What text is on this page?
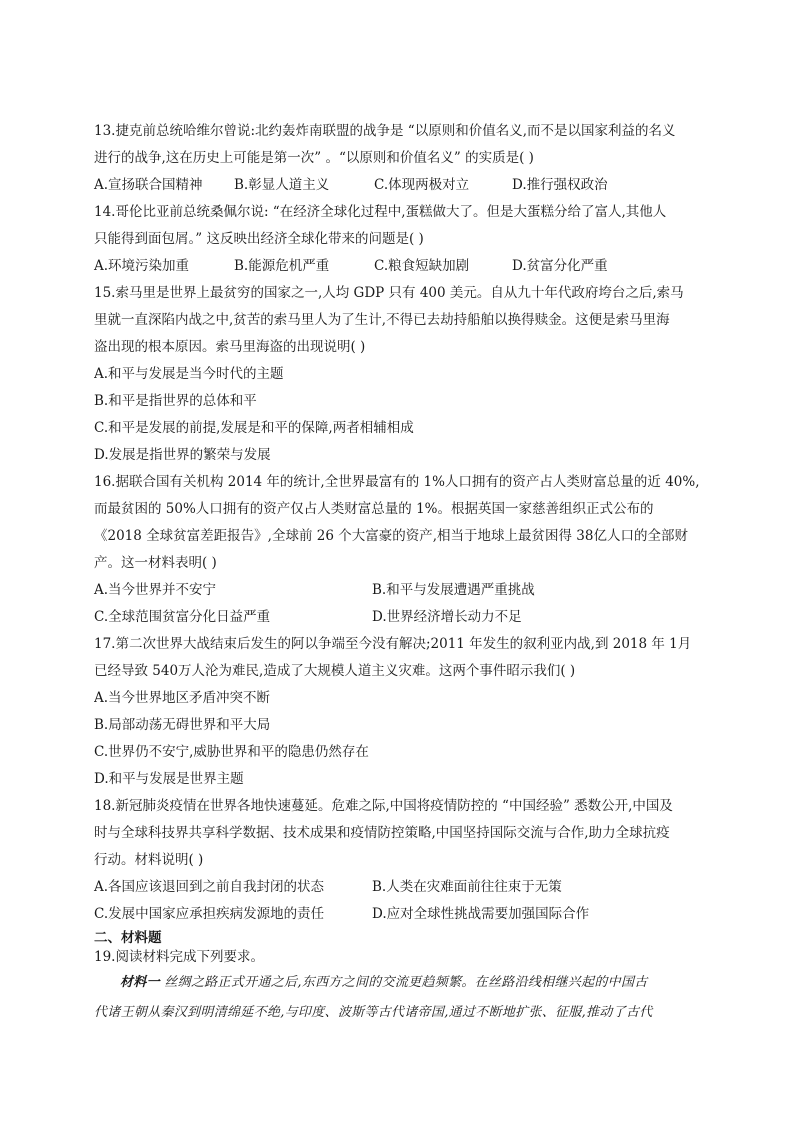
13.捷克前总统哈维尔曾说:北约轰炸南联盟的战争是 “以原则和价值名义,而不是以国家利益的名义
进行的战争,这在历史上可能是第一次” 。“以原则和价值名义” 的实质是( )
A.宣扬联合国精神	B.彰显人道主义	C.体现两极对立	D.推行强权政治
14.哥伦比亚前总统桑佩尔说: “在经济全球化过程中,蛋糕做大了。但是大蛋糕分给了富人,其他人
只能得到面包屑。” 这反映出经济全球化带来的问题是( )
A.环境污染加重	B.能源危机严重	C.粮食短缺加剧	D.贫富分化严重
15.索马里是世界上最贫穷的国家之一,人均 GDP 只有 400 美元。自从九十年代政府垮台之后,索马
里就一直深陷内战之中,贫苦的索马里人为了生计,不得已去劫持船舶以换得赎金。这便是索马里海
盗出现的根本原因。索马里海盗的出现说明( )
A.和平与发展是当今时代的主题
B.和平是指世界的总体和平
C.和平是发展的前提,发展是和平的保障,两者相辅相成
D.发展是指世界的繁荣与发展
16.据联合国有关机构 2014 年的统计,全世界最富有的 1%人口拥有的资产占人类财富总量的近 40%,
而最贫困的 50%人口拥有的资产仅占人类财富总量的 1%。根据英国一家慈善组织正式公布的
《2018 全球贫富差距报告》,全球前 26 个大富豪的资产,相当于地球上最贫困得 38亿人口的全部财
产。这一材料表明( )
A.当今世界并不安宁	B.和平与发展遭遇严重挑战
C.全球范围贫富分化日益严重	D.世界经济增长动力不足
17.第二次世界大战结束后发生的阿以争端至今没有解决;2011 年发生的叙利亚内战,到 2018 年 1月
已经导致 540万人沦为难民,造成了大规模人道主义灾难。这两个事件昭示我们( )
A.当今世界地区矛盾冲突不断
B.局部动荡无碍世界和平大局
C.世界仍不安宁,威胁世界和平的隐患仍然存在
D.和平与发展是世界主题
18.新冠肺炎疫情在世界各地快速蔓延。危难之际,中国将疫情防控的 “中国经验” 悉数公开,中国及
时与全球科技界共享科学数据、技术成果和疫情防控策略,中国坚持国际交流与合作,助力全球抗疫
行动。材料说明( )
A.各国应该退回到之前自我封闭的状态	B.人类在灾难面前往往束于无策
C.发展中国家应承担疾病发源地的责任	D.应对全球性挑战需要加强国际合作
二、材料题
19.阅读材料完成下列要求。
材料一 丝绸之路正式开通之后,东西方之间的交流更趋频繁。在丝路沿线相继兴起的中国古
代诸王朝从秦汉到明清绵延不绝,与印度、波斯等古代诸帝国,通过不断地扩张、征服,推动了古代
